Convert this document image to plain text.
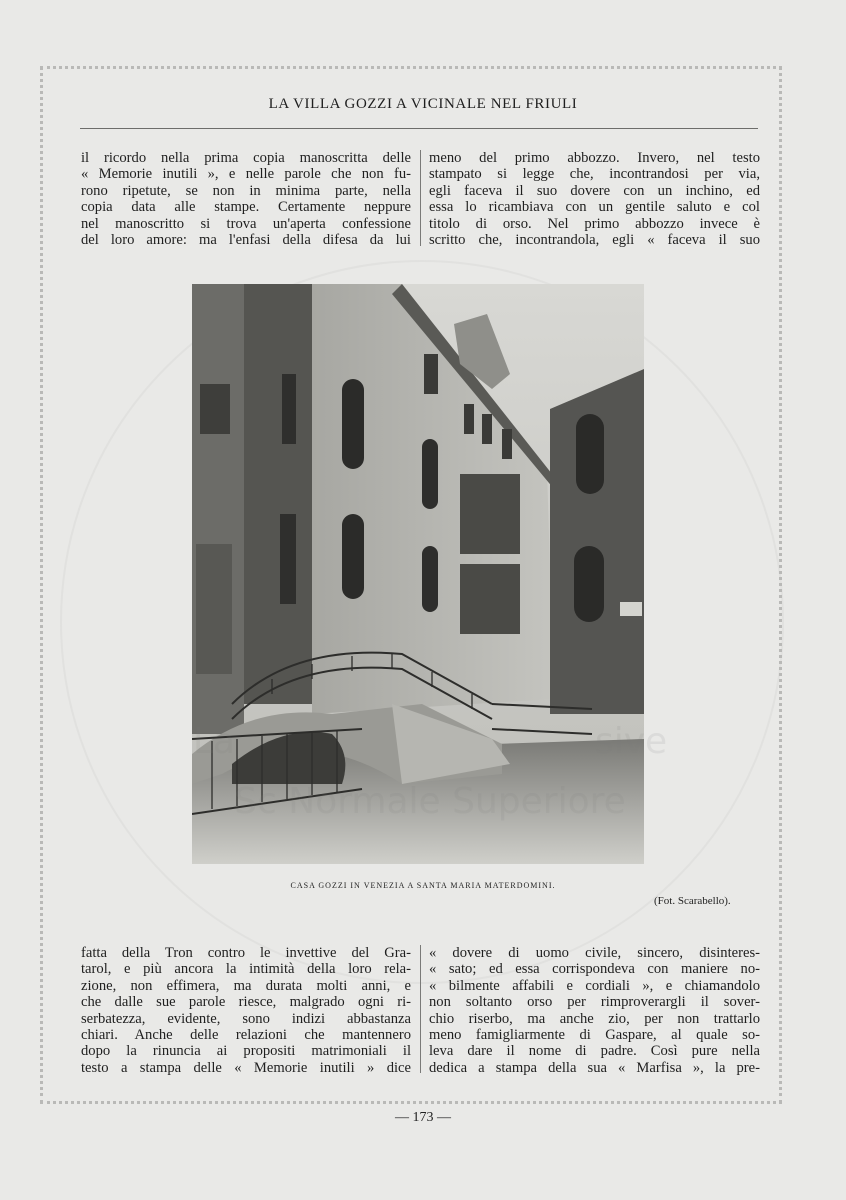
LA VILLA GOZZI A VICINALE NEL FRIULI
il ricordo nella prima copia manoscritta delle
« Memorie inutili », e nelle parole che non fu-
rono ripetute, se non in minima parte, nella
copia data alle stampe. Certamente neppure
nel manoscritto si trova un'aperta confessione
del loro amore: ma l'enfasi della difesa da lui
meno del primo abbozzo. Invero, nel testo
stampato si legge che, incontrandosi per via,
egli faceva il suo dovere con un inchino, ed
essa lo ricambiava con un gentile saluto e col
titolo di orso. Nel primo abbozzo invece è
scritto che, incontrandola, egli « faceva il suo
CASA GOZZI IN VENEZIA A SANTA MARIA MATERDOMINI.
(Fot. Scarabello).
fatta della Tron contro le invettive del Gra-
tarol, e più ancora la intimità della loro rela-
zione, non effimera, ma durata molti anni, e
che dalle sue parole riesce, malgrado ogni ri-
serbatezza, evidente, sono indizi abbastanza
chiari. Anche delle relazioni che mantennero
dopo la rinuncia ai propositi matrimoniali il
testo a stampa delle « Memorie inutili » dice
« dovere di uomo civile, sincero, disinteres-
« sato; ed essa corrispondeva con maniere no-
« bilmente affabili e cordiali », e chiamandolo
non soltanto orso per rimproverargli il sover-
chio riserbo, ma anche zio, per non trattarlo
meno famigliarmente di Gaspare, al quale so-
leva dare il nome di padre. Così pure nella
dedica a stampa della sua « Marfisa », la pre-
— 173 —
